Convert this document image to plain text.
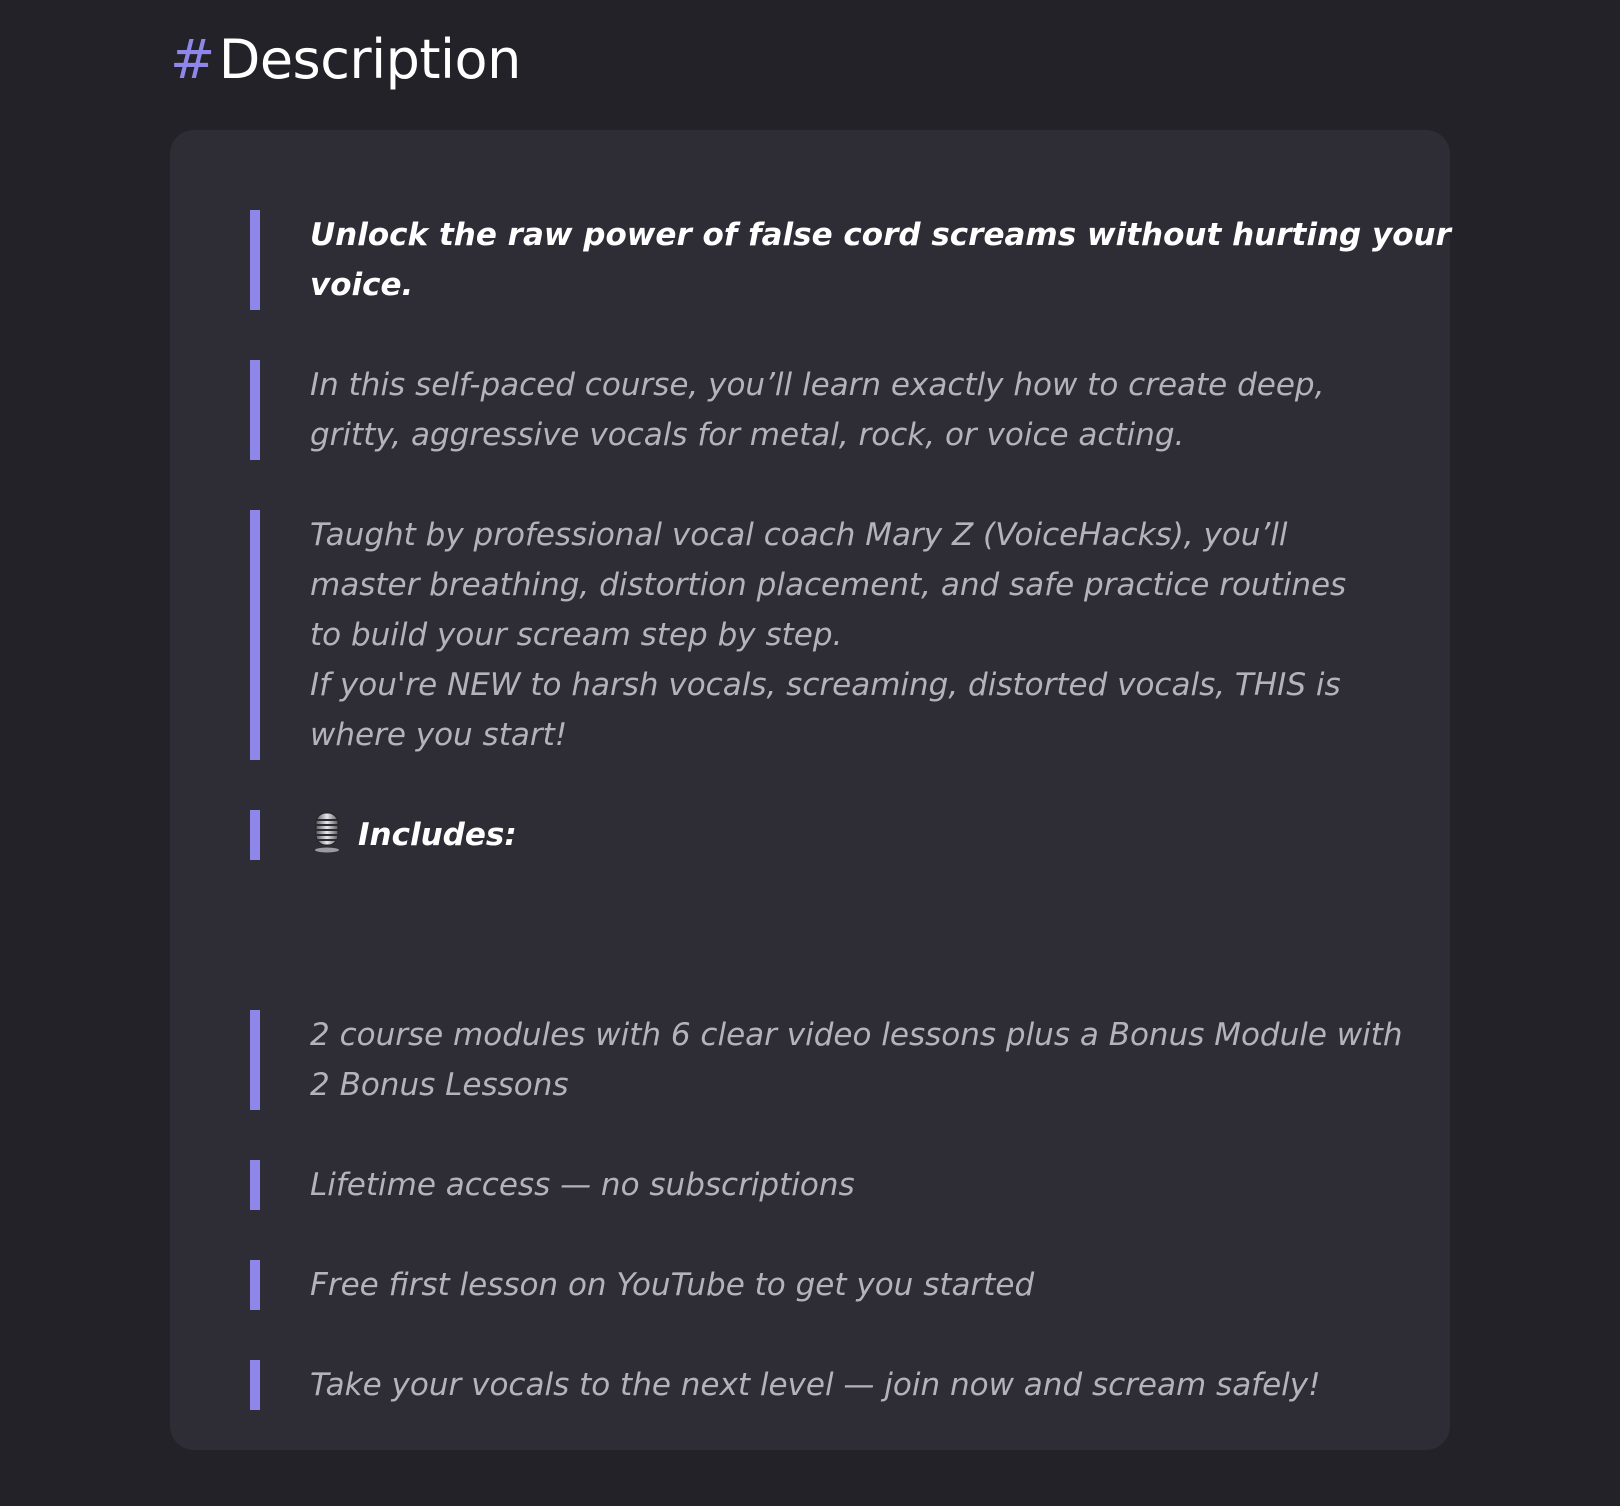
#Description
Unlock the raw power of false cord screams without hurting your
voice.
In this self-paced course, you’ll learn exactly how to create deep,
gritty, aggressive vocals for metal, rock, or voice acting.
Taught by professional vocal coach Mary Z (VoiceHacks), you’ll
master breathing, distortion placement, and safe practice routines
to build your scream step by step.
If you're NEW to harsh vocals, screaming, distorted vocals, THIS is
where you start!
Includes:
2 course modules with 6 clear video lessons plus a Bonus Module with
2 Bonus Lessons
Lifetime access — no subscriptions
Free first lesson on YouTube to get you started
Take your vocals to the next level — join now and scream safely!
